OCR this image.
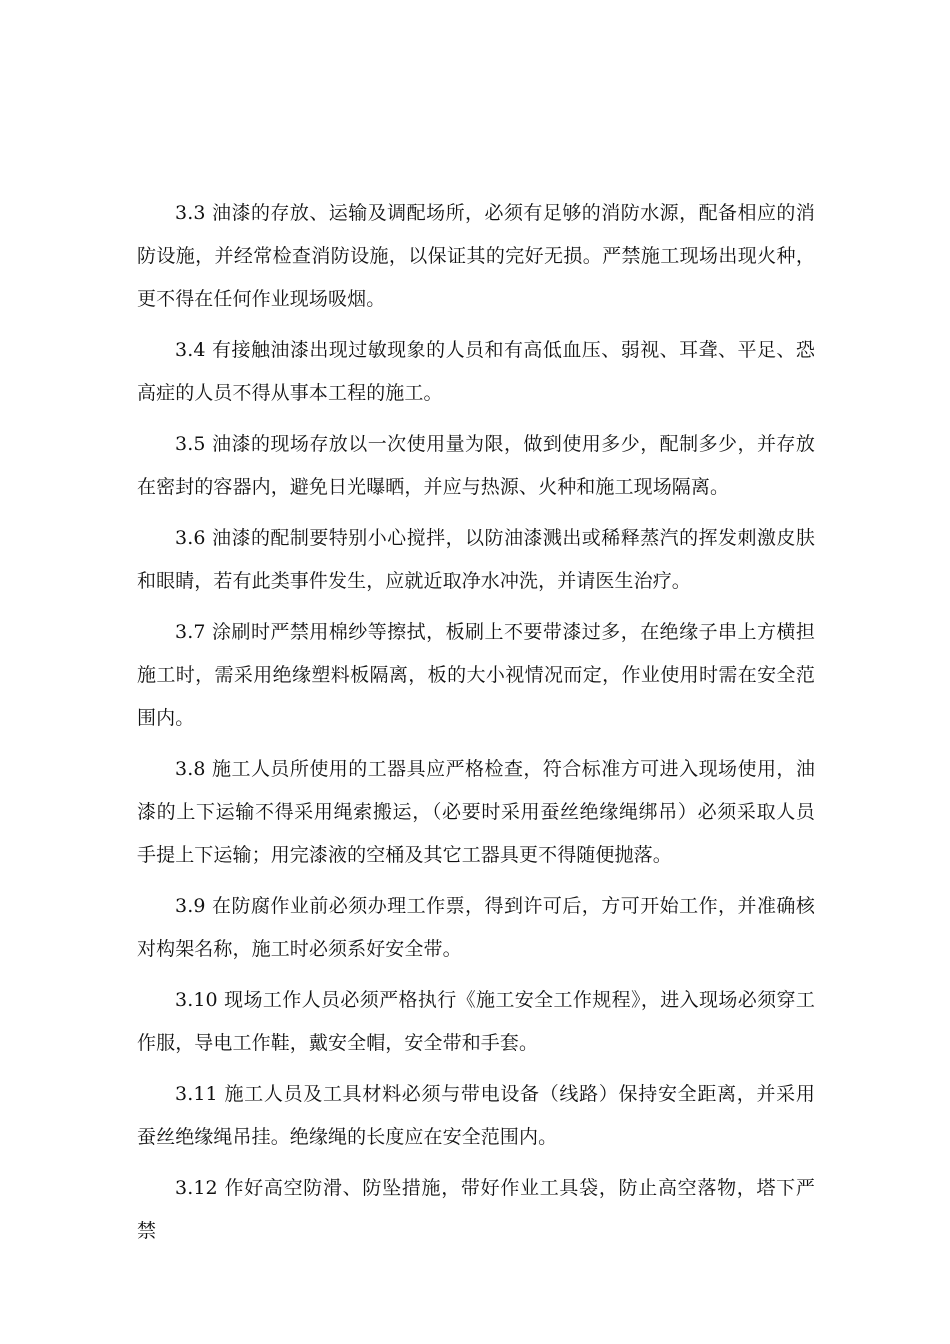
3.3 油漆的存放、运输及调配场所，必须有足够的消防水源，配备相应的消防设施，并经常检查消防设施，以保证其的完好无损。严禁施工现场出现火种，更不得在任何作业现场吸烟。

3.4 有接触油漆出现过敏现象的人员和有高低血压、弱视、耳聋、平足、恐高症的人员不得从事本工程的施工。

3.5 油漆的现场存放以一次使用量为限，做到使用多少，配制多少，并存放在密封的容器内，避免日光曝晒，并应与热源、火种和施工现场隔离。

3.6 油漆的配制要特别小心搅拌，以防油漆溅出或稀释蒸汽的挥发刺激皮肤和眼睛，若有此类事件发生，应就近取净水冲洗，并请医生治疗。

3.7 涂刷时严禁用棉纱等擦拭，板刷上不要带漆过多，在绝缘子串上方横担施工时，需采用绝缘塑料板隔离，板的大小视情况而定，作业使用时需在安全范围内。

3.8 施工人员所使用的工器具应严格检查，符合标准方可进入现场使用，油漆的上下运输不得采用绳索搬运，（必要时采用蚕丝绝缘绳绑吊）必须采取人员手提上下运输；用完漆液的空桶及其它工器具更不得随便抛落。

3.9 在防腐作业前必须办理工作票，得到许可后，方可开始工作，并准确核对构架名称，施工时必须系好安全带。

3.10 现场工作人员必须严格执行《施工安全工作规程》，进入现场必须穿工作服，导电工作鞋，戴安全帽，安全带和手套。

3.11 施工人员及工具材料必须与带电设备（线路）保持安全距离，并采用蚕丝绝缘绳吊挂。绝缘绳的长度应在安全范围内。

3.12 作好高空防滑、防坠措施，带好作业工具袋，防止高空落物，塔下严禁
